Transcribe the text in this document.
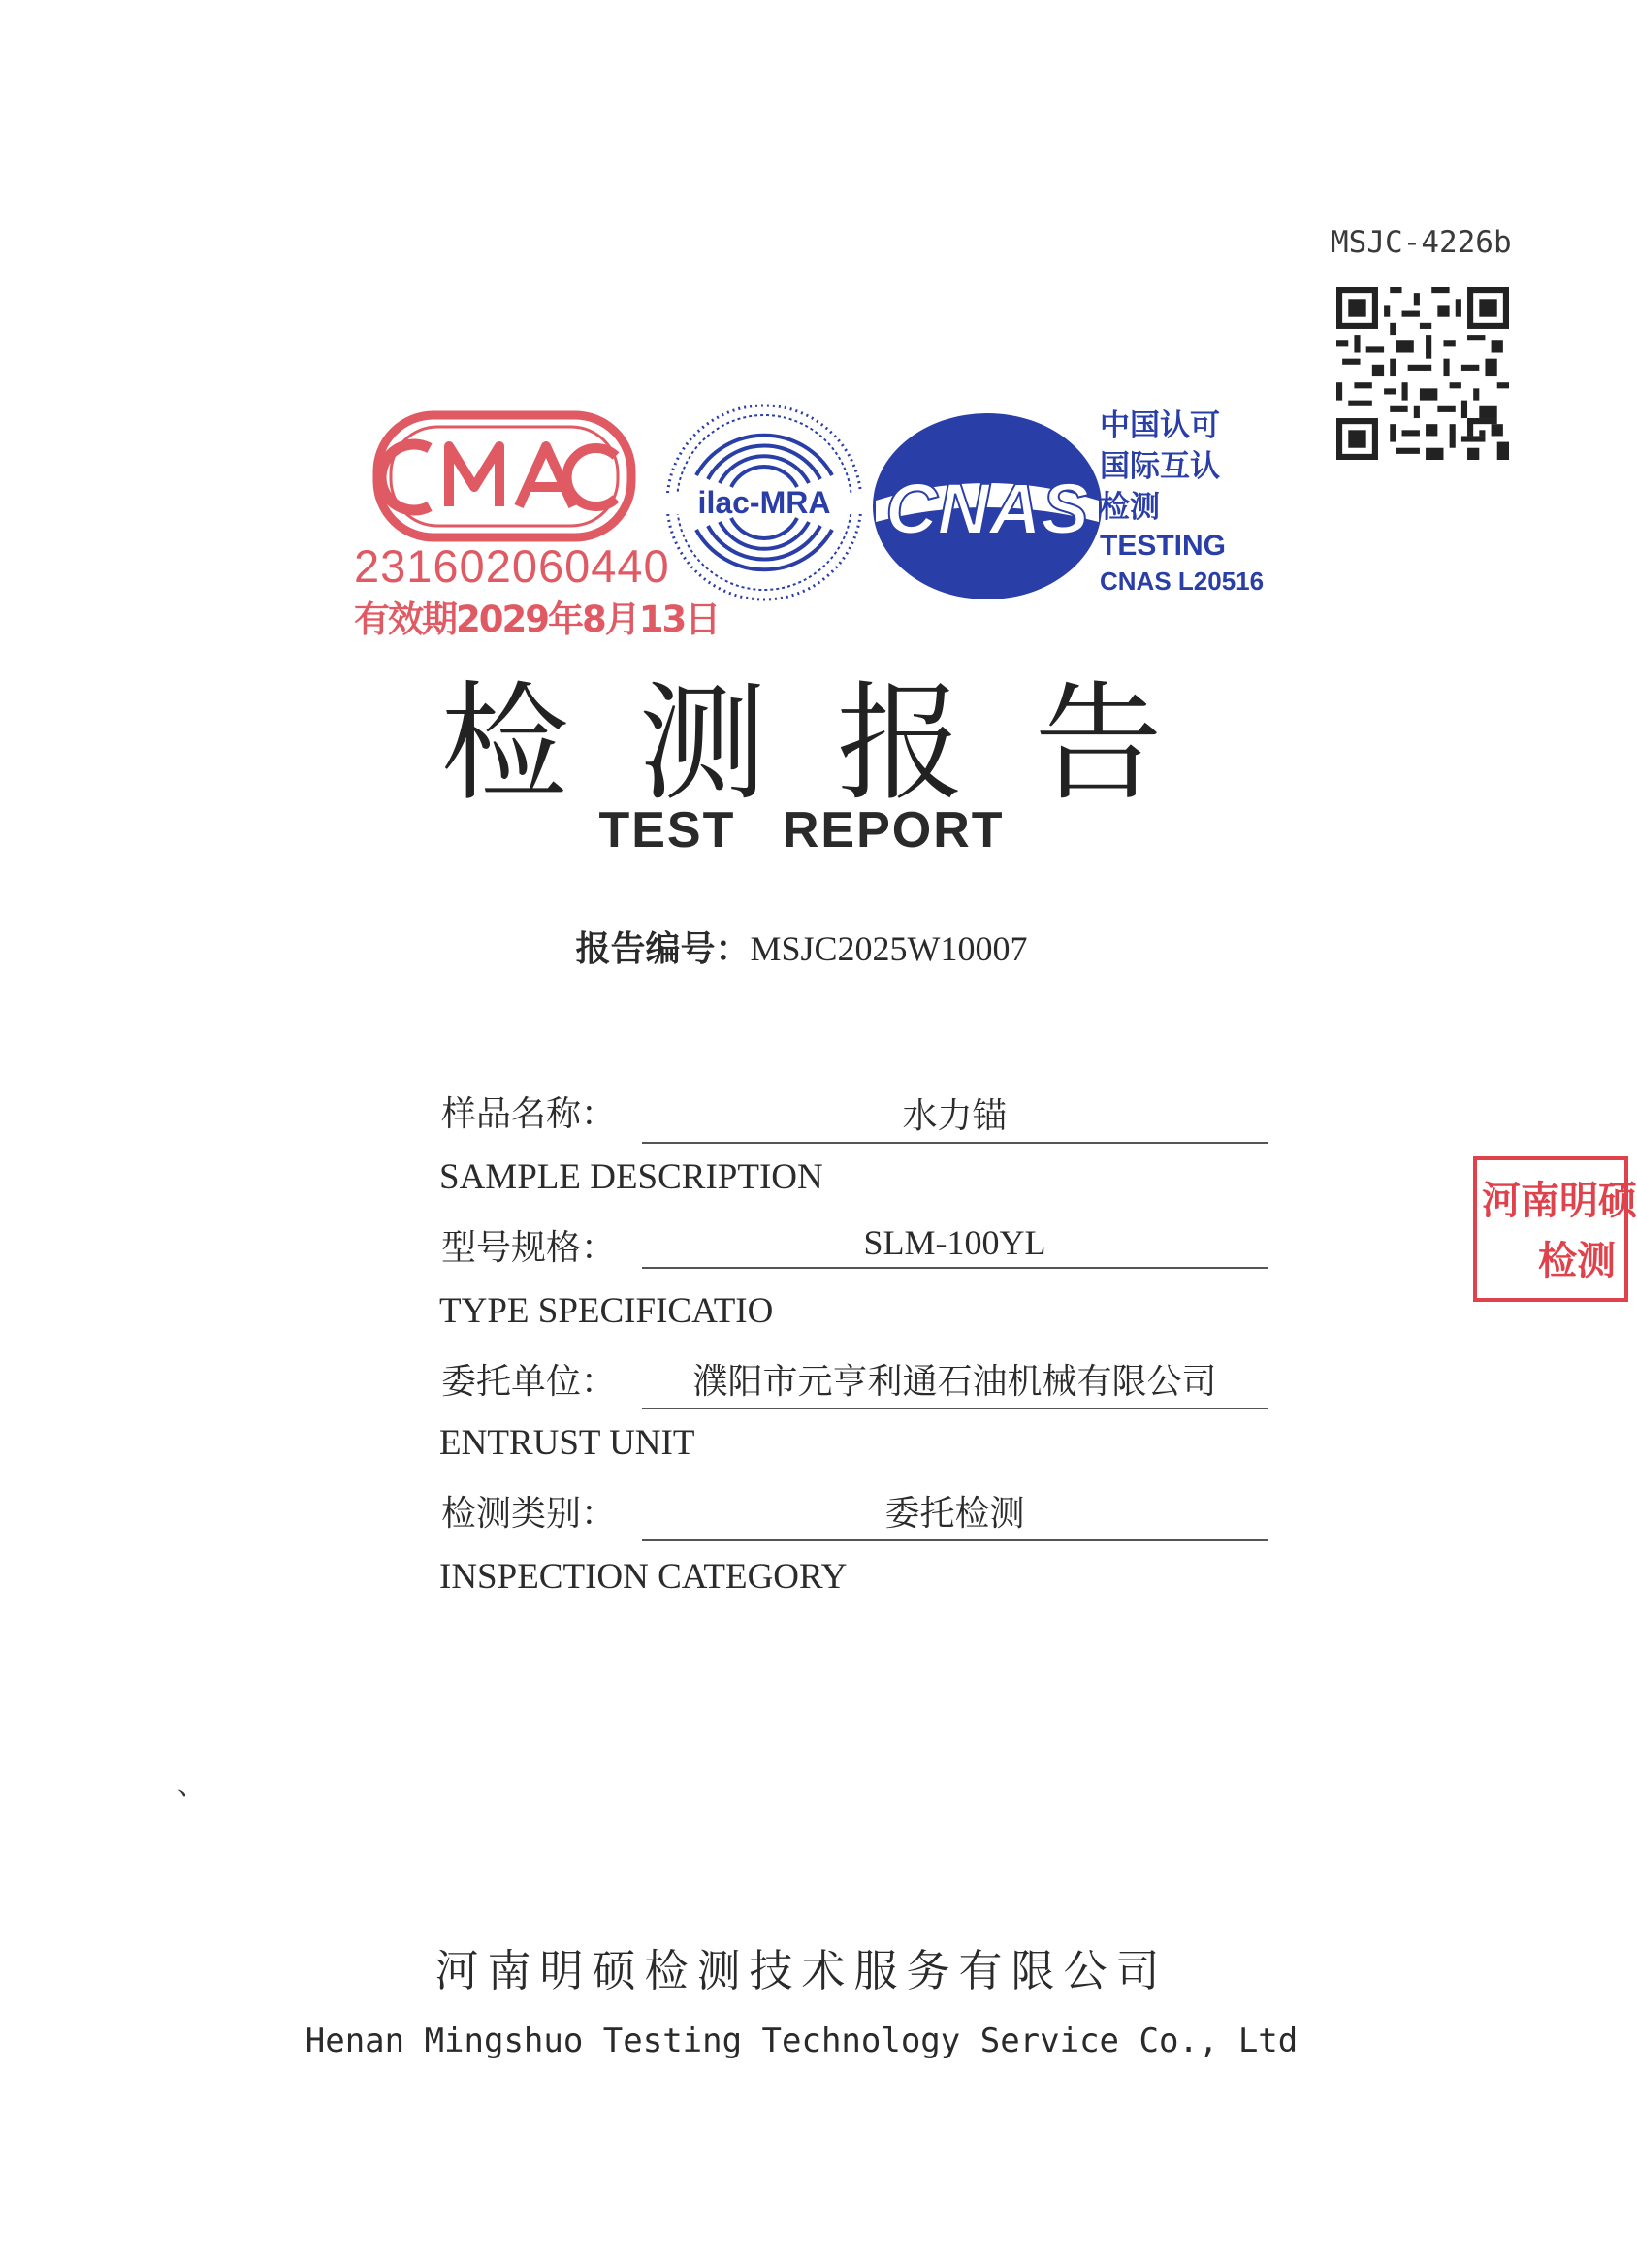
MSJC-4226b
231602060440
有效期2029年8月13日
ilac-MRA CNAS
中国认可
国际互认
检测
TESTING
CNAS L20516
检测报告
TEST REPORT
报告编号：MSJC2025W10007
样品名称：	水力锚
SAMPLE DESCRIPTION
型号规格：	SLM-100YL
TYPE SPECIFICATIO
委托单位：	濮阳市元亨利通石油机械有限公司
ENTRUST UNIT
检测类别：	委托检测
INSPECTION CATEGORY
河南明硕
检测
、
河南明硕检测技术服务有限公司
Henan Mingshuo Testing Technology Service Co., Ltd
